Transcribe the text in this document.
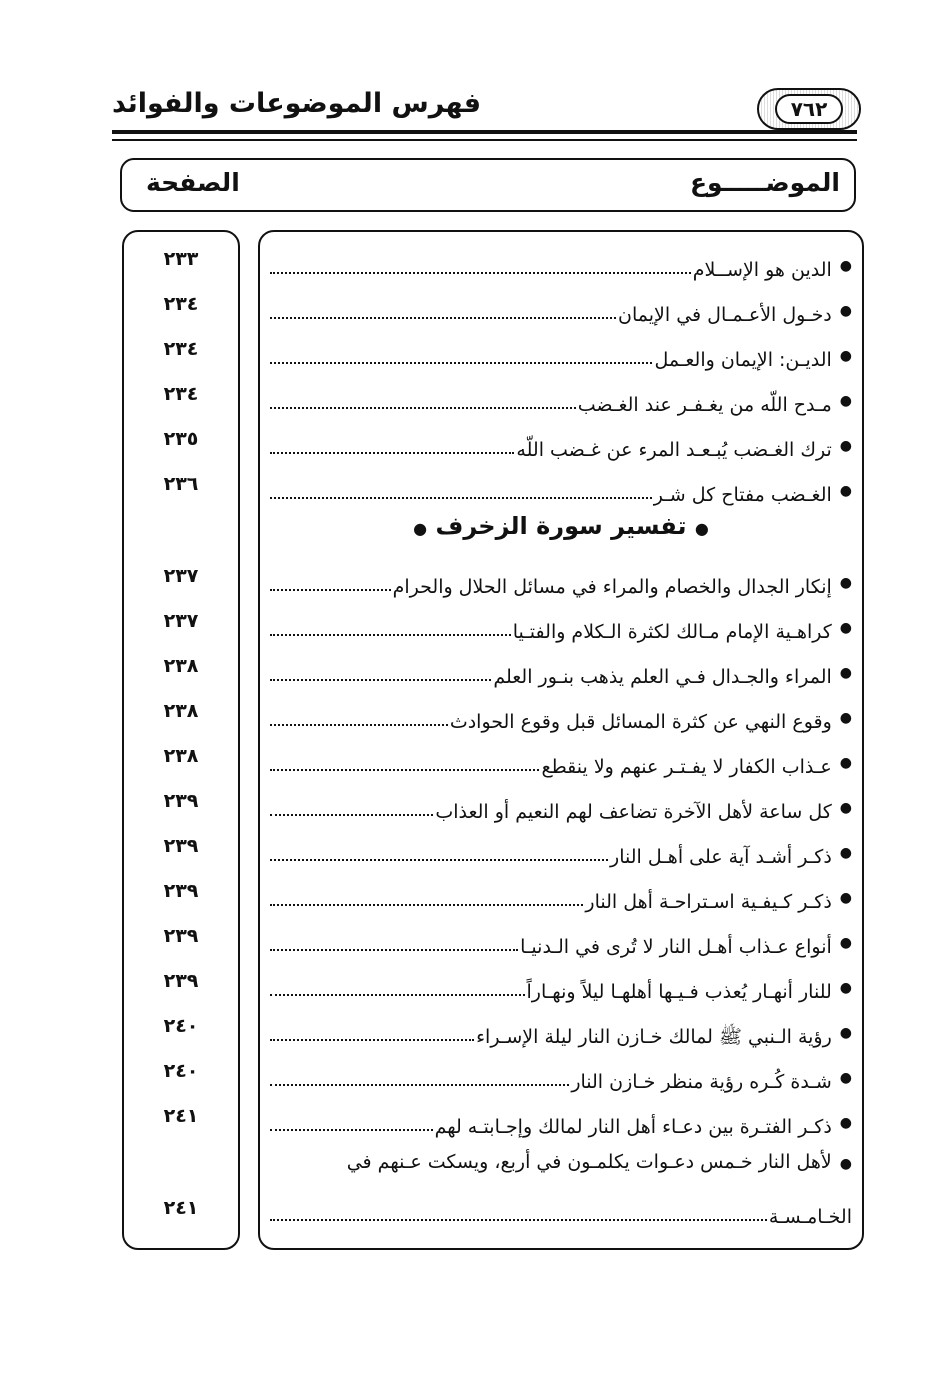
فهرس الموضوعات والفوائد	٧٦٢
الموضـــــوع
الصفحة
●
الدين هو الإســلام
●
دخـول الأعـمـال في الإيمان
●
الديـن: الإيمان والعـمل
●
مـدح اللّه من يغـفـر عند الغـضب
●
ترك الغـضب يُبـعـد المرء عن غـضب اللّه
●
الغـضب مفتاح كل شـر
● تفسير سورة الزخرف ●
●
إنكار الجدال والخصام والمراء في مسائل الحلال والحرام
●
كراهـية الإمام مـالك لكثرة الـكلام والفتـيا
●
المراء والجـدال فـي العلم يذهب بنـور العلم
●
وقوع النهي عن كثرة المسائل قبل وقوع الحوادث
●
عـذاب الكفار لا يفـتـر عنهم ولا ينقطع
●
كل ساعة لأهل الآخرة تضاعف لهم النعيم أو العذاب
●
ذكـر أشـد آية على أهـل النار
●
ذكـر كـيفـية اسـتراحـة أهل النار
●
أنواع عـذاب أهـل النار لا تُرى في الـدنيـا
●
للنار أنهـار يُعذب فـيـها أهلهـا ليلاً ونهـاراً
●
رؤية الـنبي ﷺ لمالك خـازن النار ليلة الإسـراء
●
شـدة كُـره رؤية منظر خـازن النار
●
ذكـر الفتـرة بين دعـاء أهل النار لمالك وإجـابتـه لهم
●لأهل النار خـمس دعـوات يكلمـون في أربع، ويسكت عـنهم في
الخـامـسـة
٢٣٣
٢٣٤
٢٣٤
٢٣٤
٢٣٥
٢٣٦
٢٣٧
٢٣٧
٢٣٨
٢٣٨
٢٣٨
٢٣٩
٢٣٩
٢٣٩
٢٣٩
٢٣٩
٢٤٠
٢٤٠
٢٤١
٢٤١
